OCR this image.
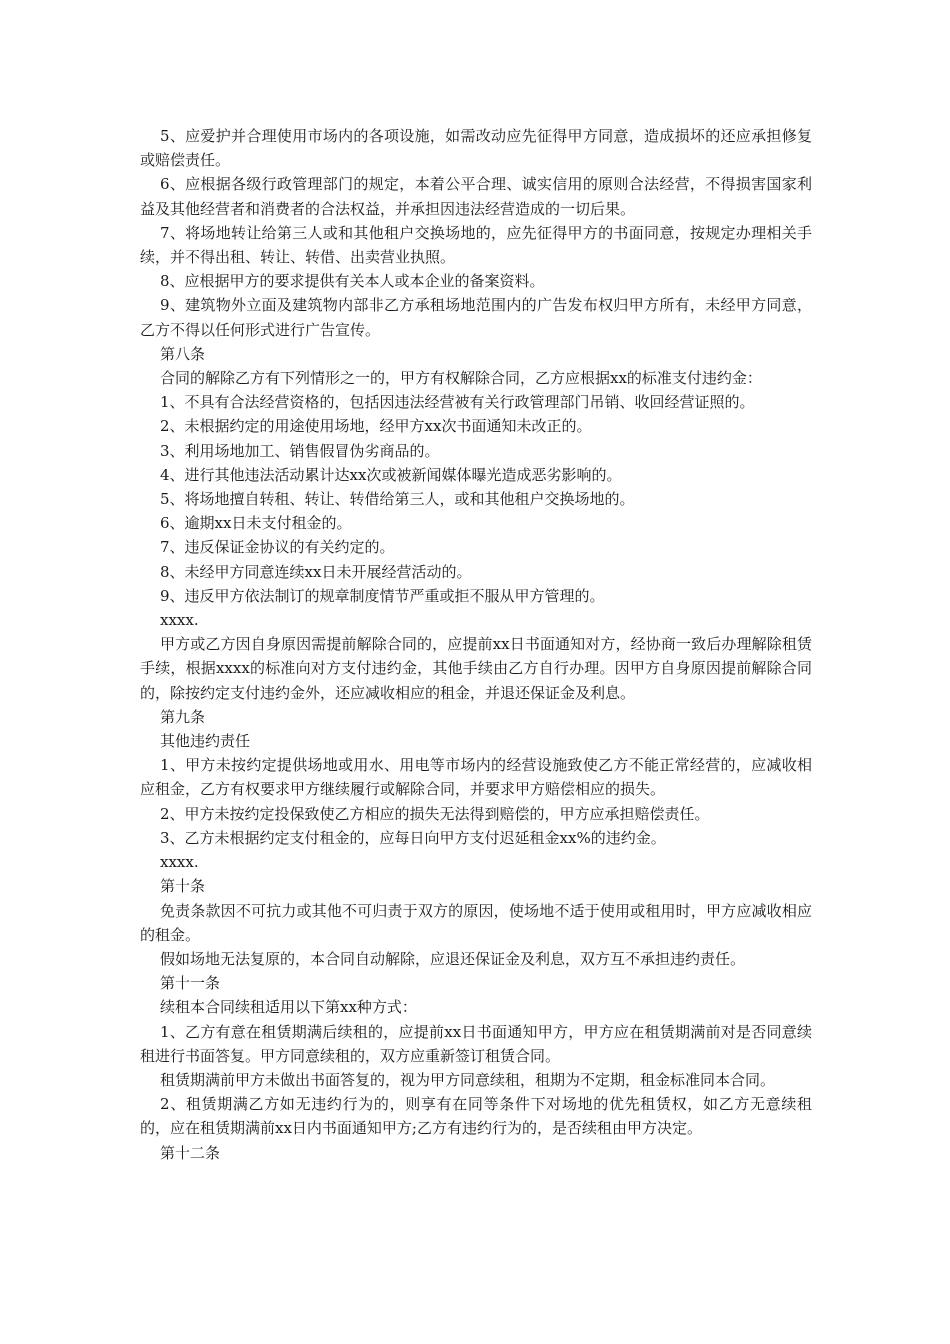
5、应爱护并合理使用市场内的各项设施，如需改动应先征得甲方同意，造成损坏的还应承担修复或赔偿责任。

6、应根据各级行政管理部门的规定，本着公平合理、诚实信用的原则合法经营，不得损害国家利益及其他经营者和消费者的合法权益，并承担因违法经营造成的一切后果。

7、将场地转让给第三人或和其他租户交换场地的，应先征得甲方的书面同意，按规定办理相关手续，并不得出租、转让、转借、出卖营业执照。

8、应根据甲方的要求提供有关本人或本企业的备案资料。

9、建筑物外立面及建筑物内部非乙方承租场地范围内的广告发布权归甲方所有，未经甲方同意，乙方不得以任何形式进行广告宣传。

第八条

合同的解除乙方有下列情形之一的，甲方有权解除合同，乙方应根据xx的标准支付违约金：

1、不具有合法经营资格的，包括因违法经营被有关行政管理部门吊销、收回经营证照的。

2、未根据约定的用途使用场地，经甲方xx次书面通知未改正的。

3、利用场地加工、销售假冒伪劣商品的。

4、进行其他违法活动累计达xx次或被新闻媒体曝光造成恶劣影响的。

5、将场地擅自转租、转让、转借给第三人，或和其他租户交换场地的。

6、逾期xx日未支付租金的。

7、违反保证金协议的有关约定的。

8、未经甲方同意连续xx日未开展经营活动的。

9、违反甲方依法制订的规章制度情节严重或拒不服从甲方管理的。

xxxx.

甲方或乙方因自身原因需提前解除合同的，应提前xx日书面通知对方，经协商一致后办理解除租赁手续，根据xxxx的标准向对方支付违约金，其他手续由乙方自行办理。因甲方自身原因提前解除合同的，除按约定支付违约金外，还应减收相应的租金，并退还保证金及利息。

第九条

其他违约责任

1、甲方未按约定提供场地或用水、用电等市场内的经营设施致使乙方不能正常经营的，应减收相应租金，乙方有权要求甲方继续履行或解除合同，并要求甲方赔偿相应的损失。

2、甲方未按约定投保致使乙方相应的损失无法得到赔偿的，甲方应承担赔偿责任。

3、乙方未根据约定支付租金的，应每日向甲方支付迟延租金xx%的违约金。

xxxx.

第十条

免责条款因不可抗力或其他不可归责于双方的原因，使场地不适于使用或租用时，甲方应减收相应的租金。

假如场地无法复原的，本合同自动解除，应退还保证金及利息，双方互不承担违约责任。

第十一条

续租本合同续租适用以下第xx种方式：

1、乙方有意在租赁期满后续租的，应提前xx日书面通知甲方，甲方应在租赁期满前对是否同意续租进行书面答复。甲方同意续租的，双方应重新签订租赁合同。

租赁期满前甲方未做出书面答复的，视为甲方同意续租，租期为不定期，租金标准同本合同。

2、租赁期满乙方如无违约行为的，则享有在同等条件下对场地的优先租赁权，如乙方无意续租的，应在租赁期满前xx日内书面通知甲方;乙方有违约行为的，是否续租由甲方决定。

第十二条
